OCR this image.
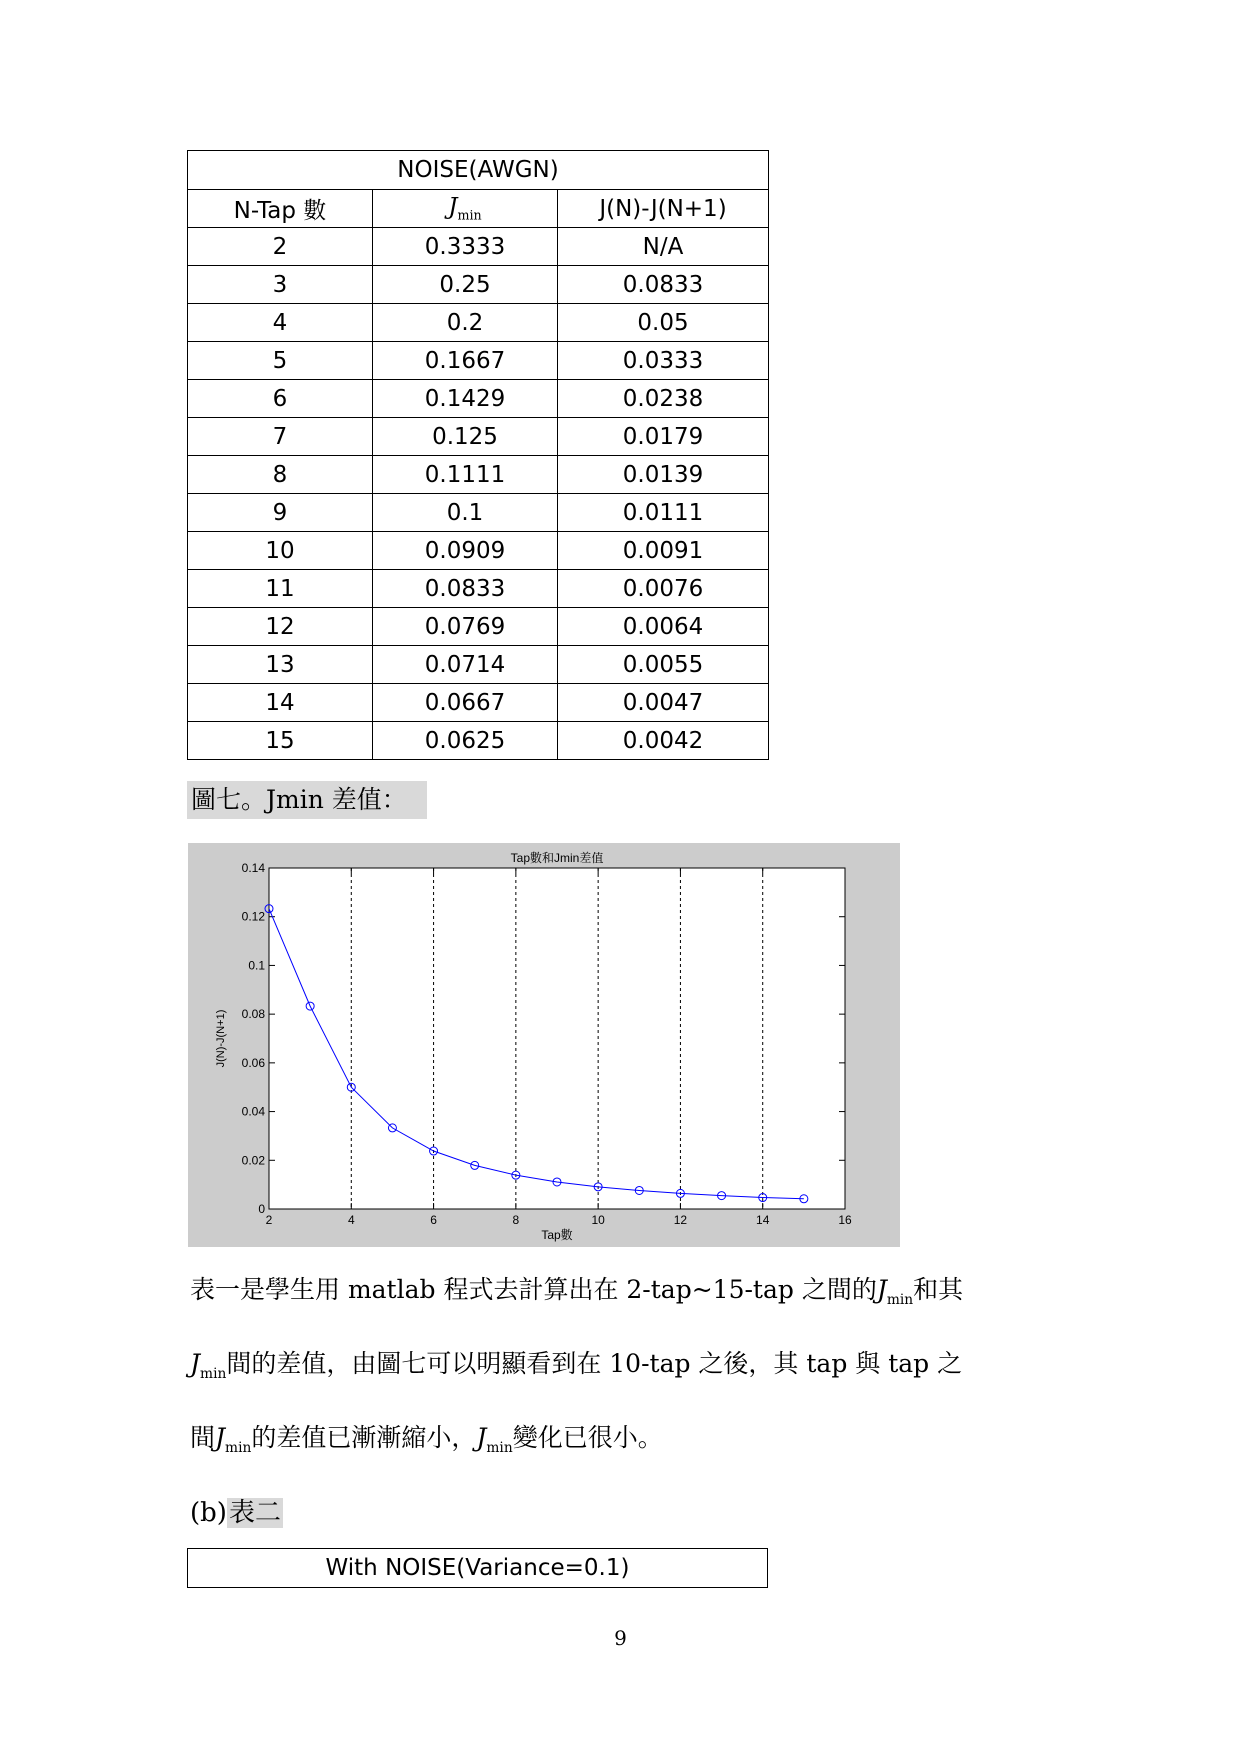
NOISE(AWGN)		
N-Tap 數	$J_{min}$	J(N)-J(N+1)
2	0.3333	N/A
3	0.25	0.0833
4	0.2	0.05
5	0.1667	0.0333
6	0.1429	0.0238
7	0.125	0.0179
8	0.1111	0.0139
9	0.1	0.0111
10	0.0909	0.0091
11	0.0833	0.0076
12	0.0769	0.0064
13	0.0714	0.0055
14	0.0667	0.0047
15	0.0625	0.0042
圖七。Jmin 差值：
2	4	6	8	10	12	14	16
0
0.02
0.04
0.06
0.08
0.1
0.12
0.14
Tap數和Jmin差值
Tap數
J(N)-J(N+1)
表一是學生用 matlab 程式去計算出在 2-tap~15-tap 之間的$J_{min}$和其
$J_{min}$間的差值，由圖七可以明顯看到在 10-tap 之後，其 tap 與 tap 之
間$J_{min}$的差值已漸漸縮小，$J_{min}$變化已很小。
(b)表二
With NOISE(Variance=0.1)
9
